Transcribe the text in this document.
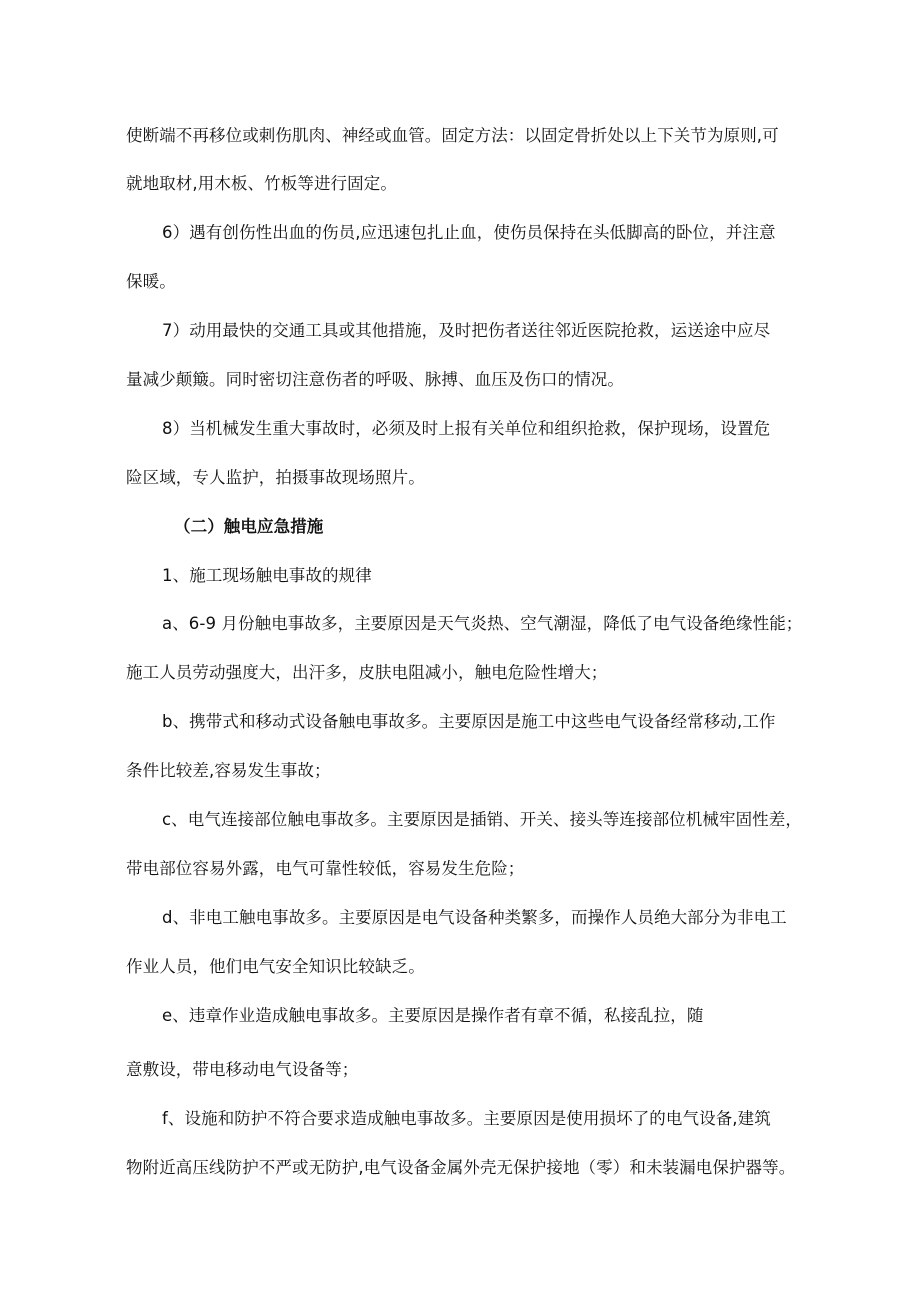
使断端不再移位或刺伤肌肉、神经或血管。固定方法：以固定骨折处以上下关节为原则,可
就地取材,用木板、竹板等进行固定。
6）遇有创伤性出血的伤员,应迅速包扎止血，使伤员保持在头低脚高的卧位，并注意
保暖。
7）动用最快的交通工具或其他措施，及时把伤者送往邻近医院抢救，运送途中应尽
量减少颠簸。同时密切注意伤者的呼吸、脉搏、血压及伤口的情况。
8）当机械发生重大事故时，必须及时上报有关单位和组织抢救，保护现场，设置危
险区域，专人监护，拍摄事故现场照片。
（二）触电应急措施
1、施工现场触电事故的规律
a、6-9 月份触电事故多，主要原因是天气炎热、空气潮湿，降低了电气设备绝缘性能；
施工人员劳动强度大，出汗多，皮肤电阻减小，触电危险性增大；
b、携带式和移动式设备触电事故多。主要原因是施工中这些电气设备经常移动,工作
条件比较差,容易发生事故；
c、电气连接部位触电事故多。主要原因是插销、开关、接头等连接部位机械牢固性差，
带电部位容易外露，电气可靠性较低，容易发生危险；
d、非电工触电事故多。主要原因是电气设备种类繁多，而操作人员绝大部分为非电工
作业人员，他们电气安全知识比较缺乏。
e、违章作业造成触电事故多。主要原因是操作者有章不循，私接乱拉，随
意敷设，带电移动电气设备等；
f、设施和防护不符合要求造成触电事故多。主要原因是使用损坏了的电气设备,建筑
物附近高压线防护不严或无防护,电气设备金属外壳无保护接地（零）和未装漏电保护器等。
